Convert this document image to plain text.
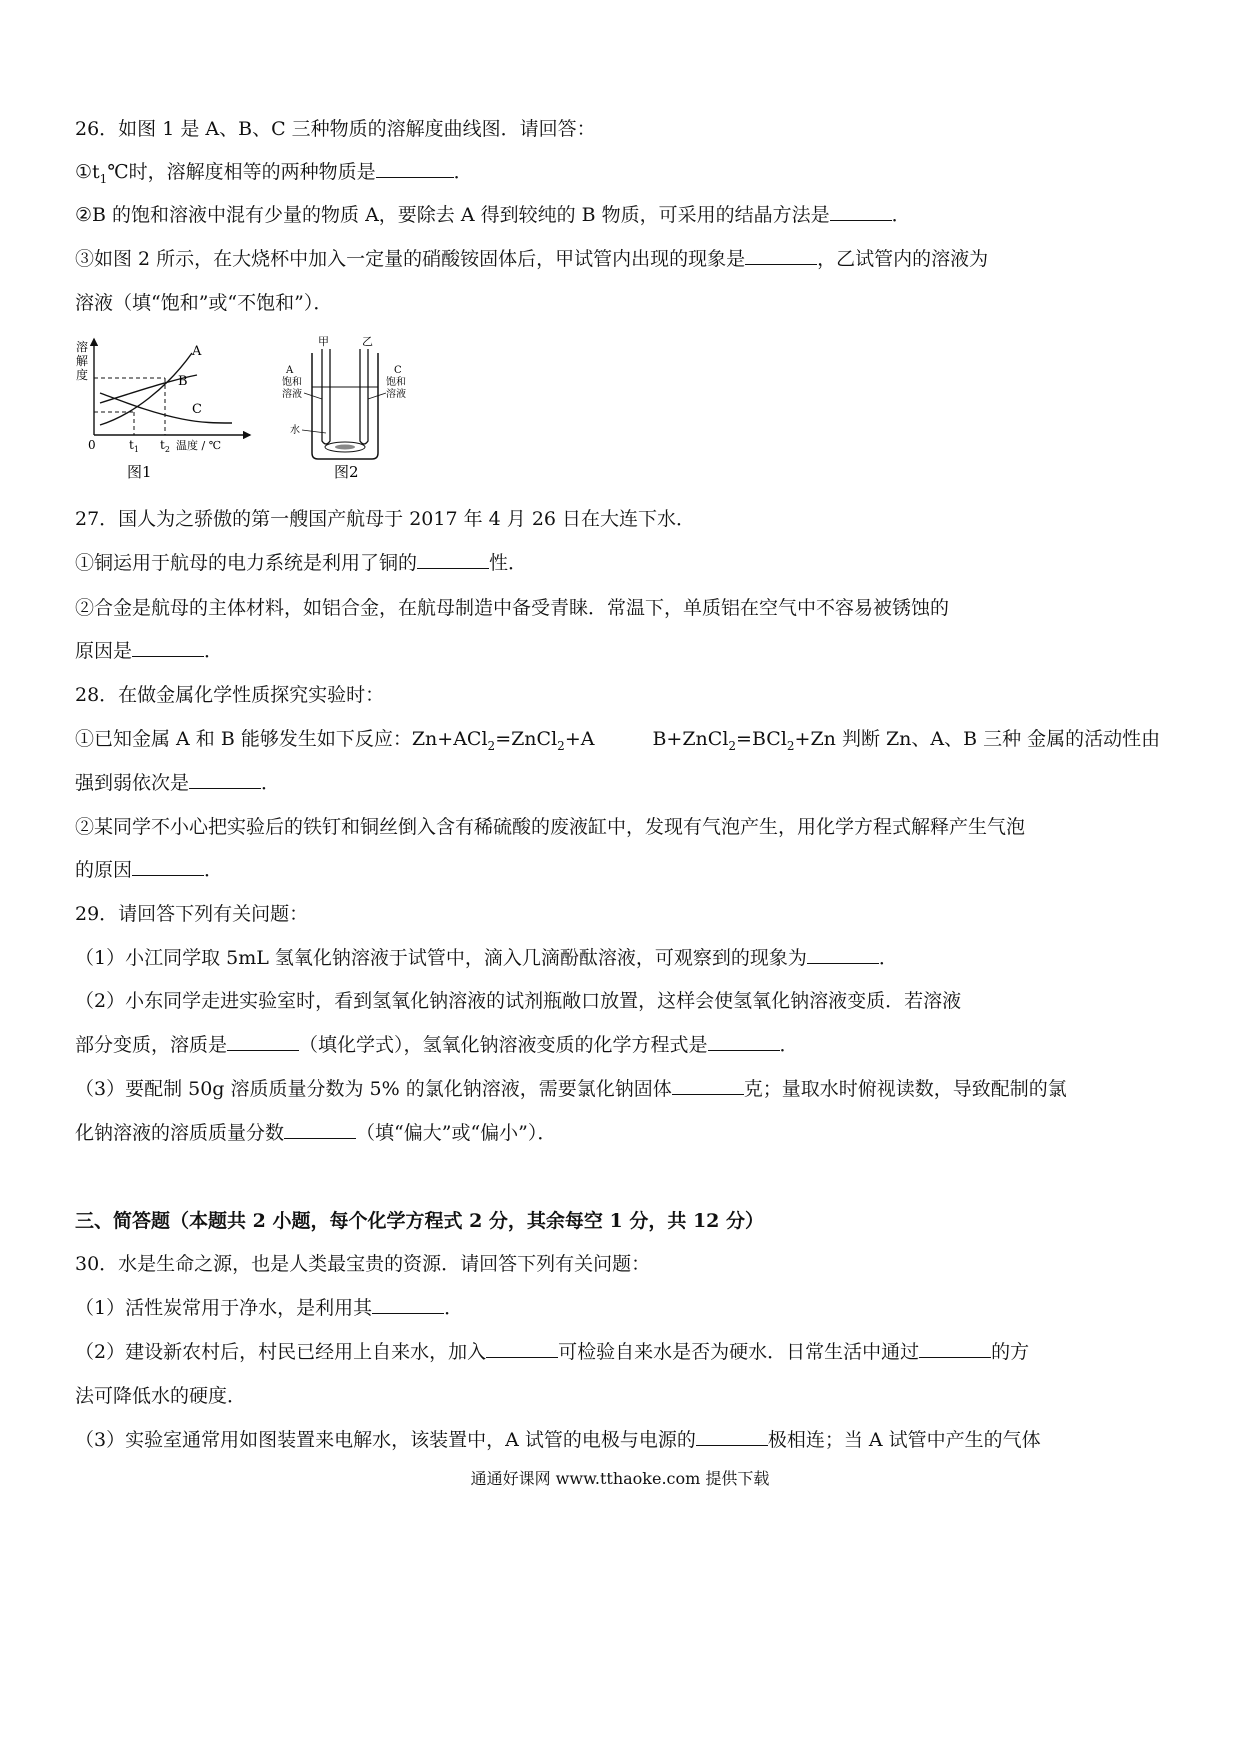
26．如图 1 是 A、B、C 三种物质的溶解度曲线图．请回答：
$①t_1℃$时，溶解度相等的两种物质是	．
②B 的饱和溶液中混有少量的物质 A，要除去 A 得到较纯的 B 物质，可采用的结晶方法是	．
③如图 2 所示，在大烧杯中加入一定量的硝酸铵固体后，甲试管内出现的现象是	，乙试管内的溶液为
溶液（填“饱和”或“不饱和”）．
溶
解
度
A
B
C
0	$t_1$ $t_2$ 温度 / ℃
图1
甲	乙
A
饱和
溶液
C
饱和
溶液
水
图2
27．国人为之骄傲的第一艘国产航母于 2017 年 4 月 26 日在大连下水．
①铜运用于航母的电力系统是利用了铜的	性．
②合金是航母的主体材料，如铝合金，在航母制造中备受青睐．常温下，单质铝在空气中不容易被锈蚀的
原因是	．
28．在做金属化学性质探究实验时：
①已知金属 A 和 B 能够发生如下反应：Zn+ACl$_2$=ZnCl$_2$+A	B+ZnCl$_2$=BCl$_2$+Zn 判断 Zn、A、B 三种 金属的活动性由
强到弱依次是	．
②某同学不小心把实验后的铁钉和铜丝倒入含有稀硫酸的废液缸中，发现有气泡产生，用化学方程式解释产生气泡
的原因	．
29．请回答下列有关问题：
（1）小江同学取 5mL 氢氧化钠溶液于试管中，滴入几滴酚酞溶液，可观察到的现象为	．
（2）小东同学走进实验室时，看到氢氧化钠溶液的试剂瓶敞口放置，这样会使氢氧化钠溶液变质．若溶液
部分变质，溶质是	（填化学式），氢氧化钠溶液变质的化学方程式是	．
（3）要配制 50g 溶质质量分数为 5% 的氯化钠溶液，需要氯化钠固体	克；量取水时俯视读数，导致配制的氯
化钠溶液的溶质质量分数	（填“偏大”或“偏小”）．
三、简答题（本题共 2 小题，每个化学方程式 2 分，其余每空 1 分，共 12 分）
30．水是生命之源，也是人类最宝贵的资源．请回答下列有关问题：
（1）活性炭常用于净水，是利用其	．
（2）建设新农村后，村民已经用上自来水，加入	可检验自来水是否为硬水．日常生活中通过	的方
法可降低水的硬度．
（3）实验室通常用如图装置来电解水，该装置中，A 试管的电极与电源的	极相连；当 A 试管中产生的气体
通通好课网 www.tthaoke.com 提供下载
